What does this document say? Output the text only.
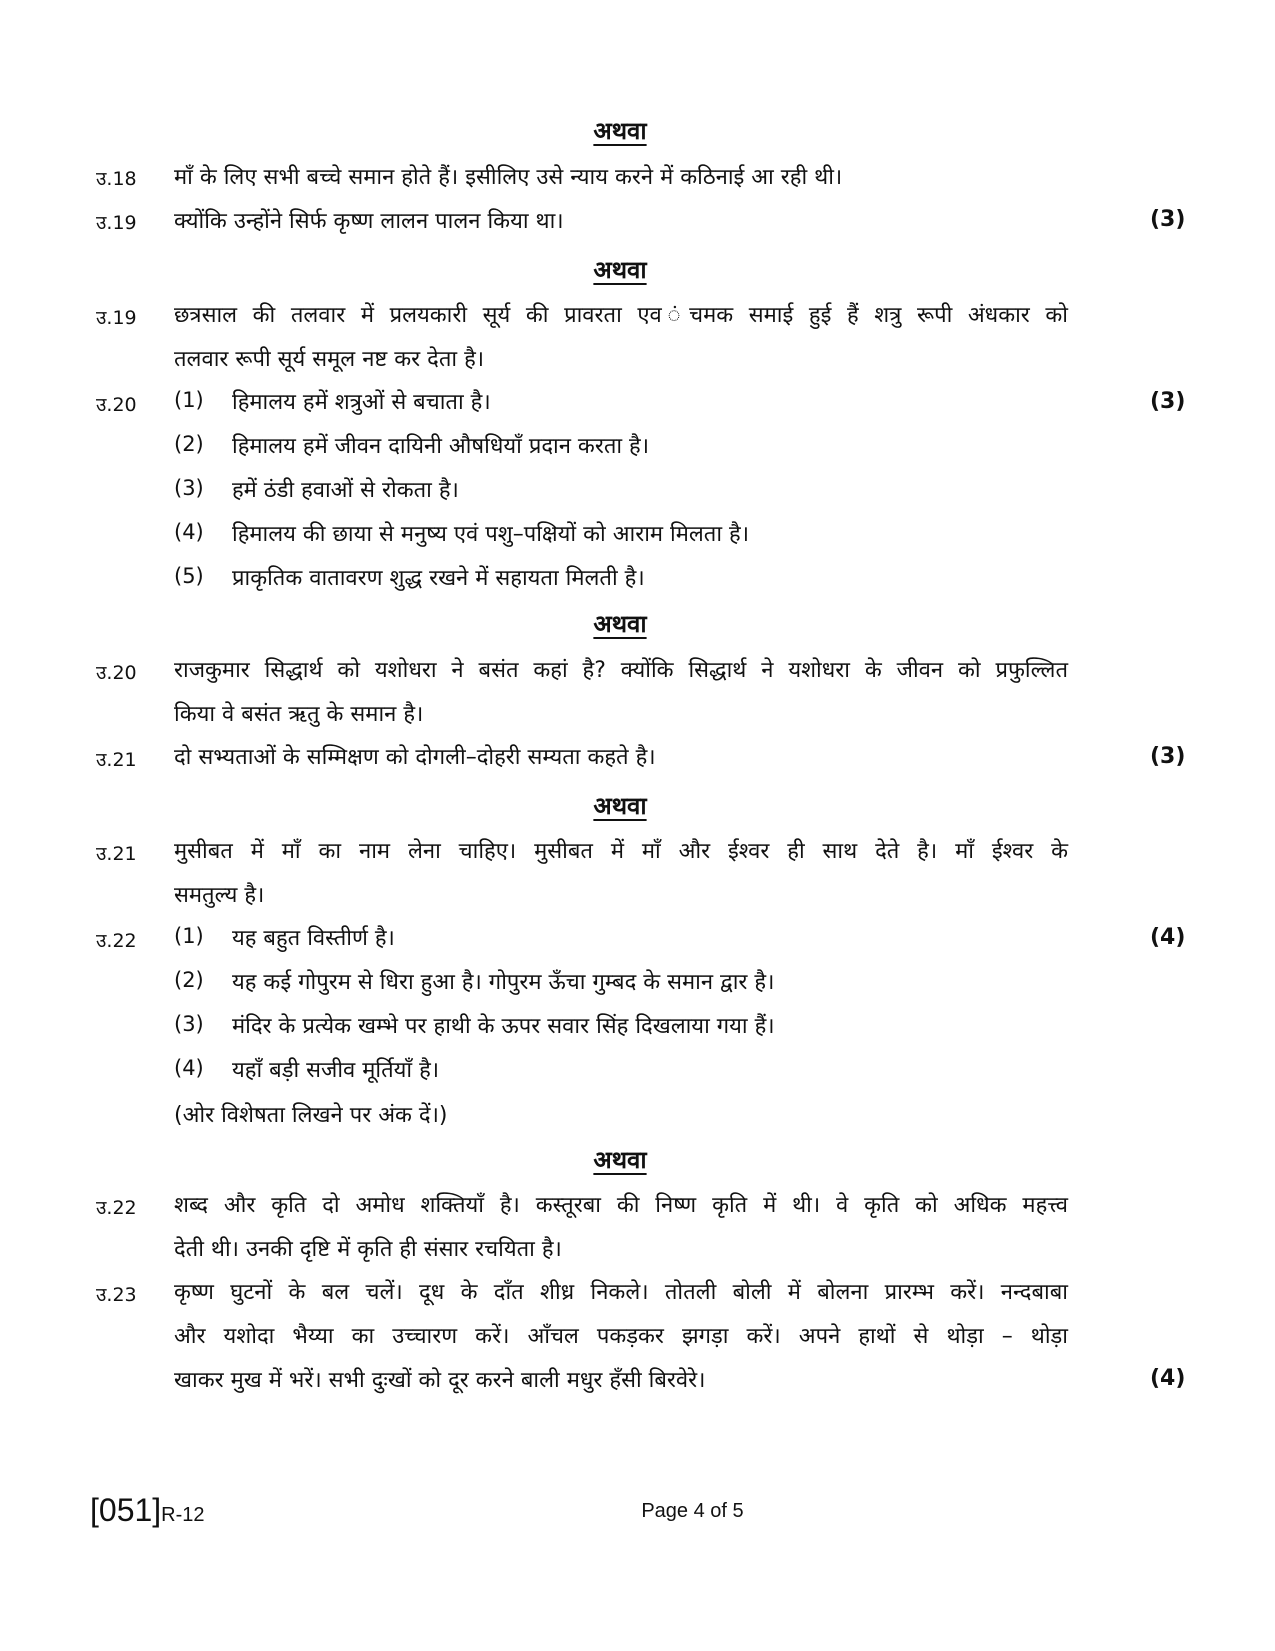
अथवा
उ.18 माँ के लिए सभी बच्चे समान होते हैं। इसीलिए उसे न्याय करने में कठिनाई आ रही थी।
उ.19 क्योंकि उन्होंने सिर्फ कृष्ण लालन पालन किया था।	(3)
अथवा
उ.19 छत्रसाल की तलवार में प्रलयकारी सूर्य की प्रावरता एव ंचमक समाई हुई हैं शत्रु रूपी अंधकार को
तलवार रूपी सूर्य समूल नष्ट कर देता है।
उ.20	(3)
(1) हिमालय हमें शत्रुओं से बचाता है।
(2) हिमालय हमें जीवन दायिनी औषधियाँ प्रदान करता है।
(3) हमें ठंडी हवाओं से रोकता है।
(4) हिमालय की छाया से मनुष्य एवं पशु–पक्षियों को आराम मिलता है।
(5) प्राकृतिक वातावरण शुद्ध रखने में सहायता मिलती है।
अथवा
उ.20 राजकुमार सिद्धार्थ को यशोधरा ने बसंत कहां है? क्योंकि सिद्धार्थ ने यशोधरा के जीवन को प्रफुल्लित
किया वे बसंत ऋतु के समान है।
उ.21 दो सभ्यताओं के सम्मिक्षण को दोगली–दोहरी सम्यता कहते है।	(3)
अथवा
उ.21 मुसीबत में माँ का नाम लेना चाहिए। मुसीबत में माँ और ईश्वर ही साथ देते है। माँ ईश्वर के
समतुल्य है।
उ.22	(4)
(1) यह बहुत विस्तीर्ण है।
(2) यह कई गोपुरम से धिरा हुआ है। गोपुरम ऊँचा गुम्बद के समान द्वार है।
(3) मंदिर के प्रत्येक खम्भे पर हाथी के ऊपर सवार सिंह दिखलाया गया हैं।
(4) यहाँ बड़ी सजीव मूर्तियाँ है।
(ओर विशेषता लिखने पर अंक दें।)
अथवा
उ.22 शब्द और कृति दो अमोध शक्तियाँ है। कस्तूरबा की निष्ण कृति में थी। वे कृति को अधिक महत्त्व
देती थी। उनकी दृष्टि में कृति ही संसार रचयिता है।
उ.23 कृष्ण घुटनों के बल चलें। दूध के दाँत शीध्र निकले। तोतली बोली में बोलना प्रारम्भ करें। नन्दबाबा
और यशोदा भैय्या का उच्चारण करें। आँचल पकड़कर झगड़ा करें। अपने हाथों से थोड़ा – थोड़ा
खाकर मुख में भरें। सभी दुःखों को दूर करने बाली मधुर हँसी बिरवेरे।	(4)
[051]R-12	Page 4 of 5
